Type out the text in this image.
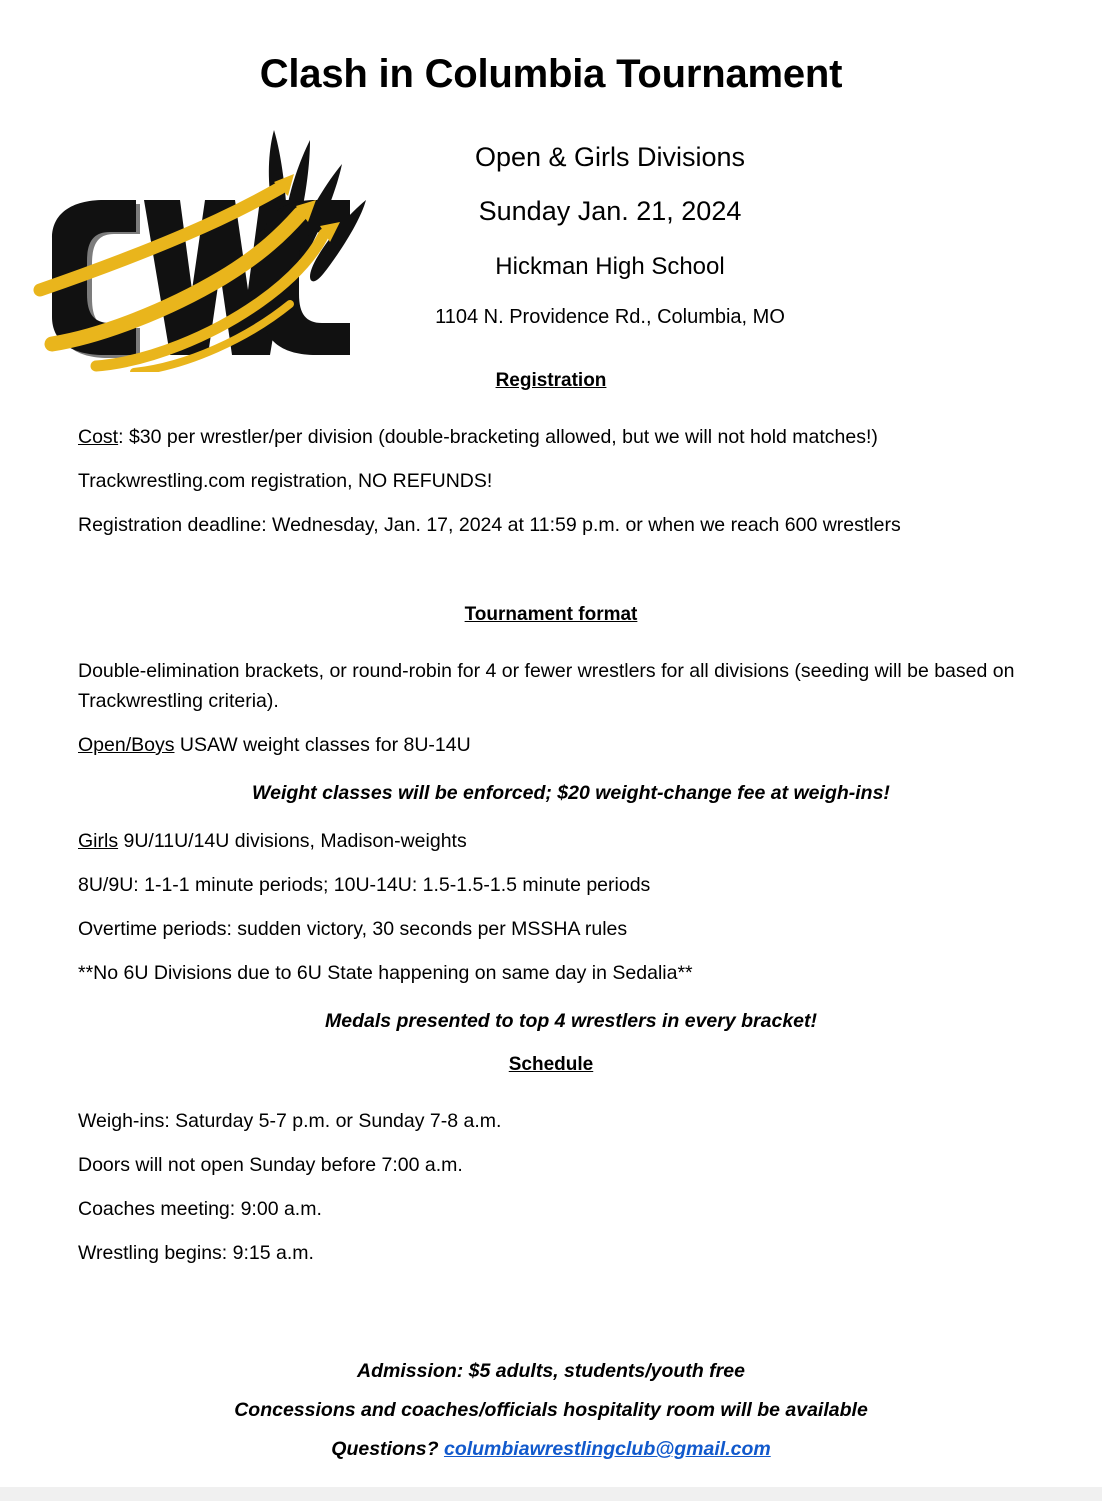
Clash in Columbia Tournament
Open & Girls Divisions
Sunday Jan. 21, 2024
Hickman High School
1104 N. Providence Rd., Columbia, MO
Registration

Cost: $30 per wrestler/per division (double-bracketing allowed, but we will not hold matches!)

Trackwrestling.com registration, NO REFUNDS!

Registration deadline: Wednesday, Jan. 17, 2024 at 11:59 p.m. or when we reach 600 wrestlers

Tournament format

Double-elimination brackets, or round-robin for 4 or fewer wrestlers for all divisions (seeding will be based on Trackwrestling criteria).

Open/Boys USAW weight classes for 8U-14U

Weight classes will be enforced; $20 weight-change fee at weigh-ins!

Girls 9U/11U/14U divisions, Madison-weights

8U/9U: 1-1-1 minute periods; 10U-14U: 1.5-1.5-1.5 minute periods

Overtime periods: sudden victory, 30 seconds per MSSHA rules

**No 6U Divisions due to 6U State happening on same day in Sedalia**

Medals presented to top 4 wrestlers in every bracket!

Schedule

Weigh-ins: Saturday 5-7 p.m. or Sunday 7-8 a.m.

Doors will not open Sunday before 7:00 a.m.

Coaches meeting: 9:00 a.m.

Wrestling begins: 9:15 a.m.

Admission: $5 adults, students/youth free

Concessions and coaches/officials hospitality room will be available

Questions? columbiawrestlingclub@gmail.com
